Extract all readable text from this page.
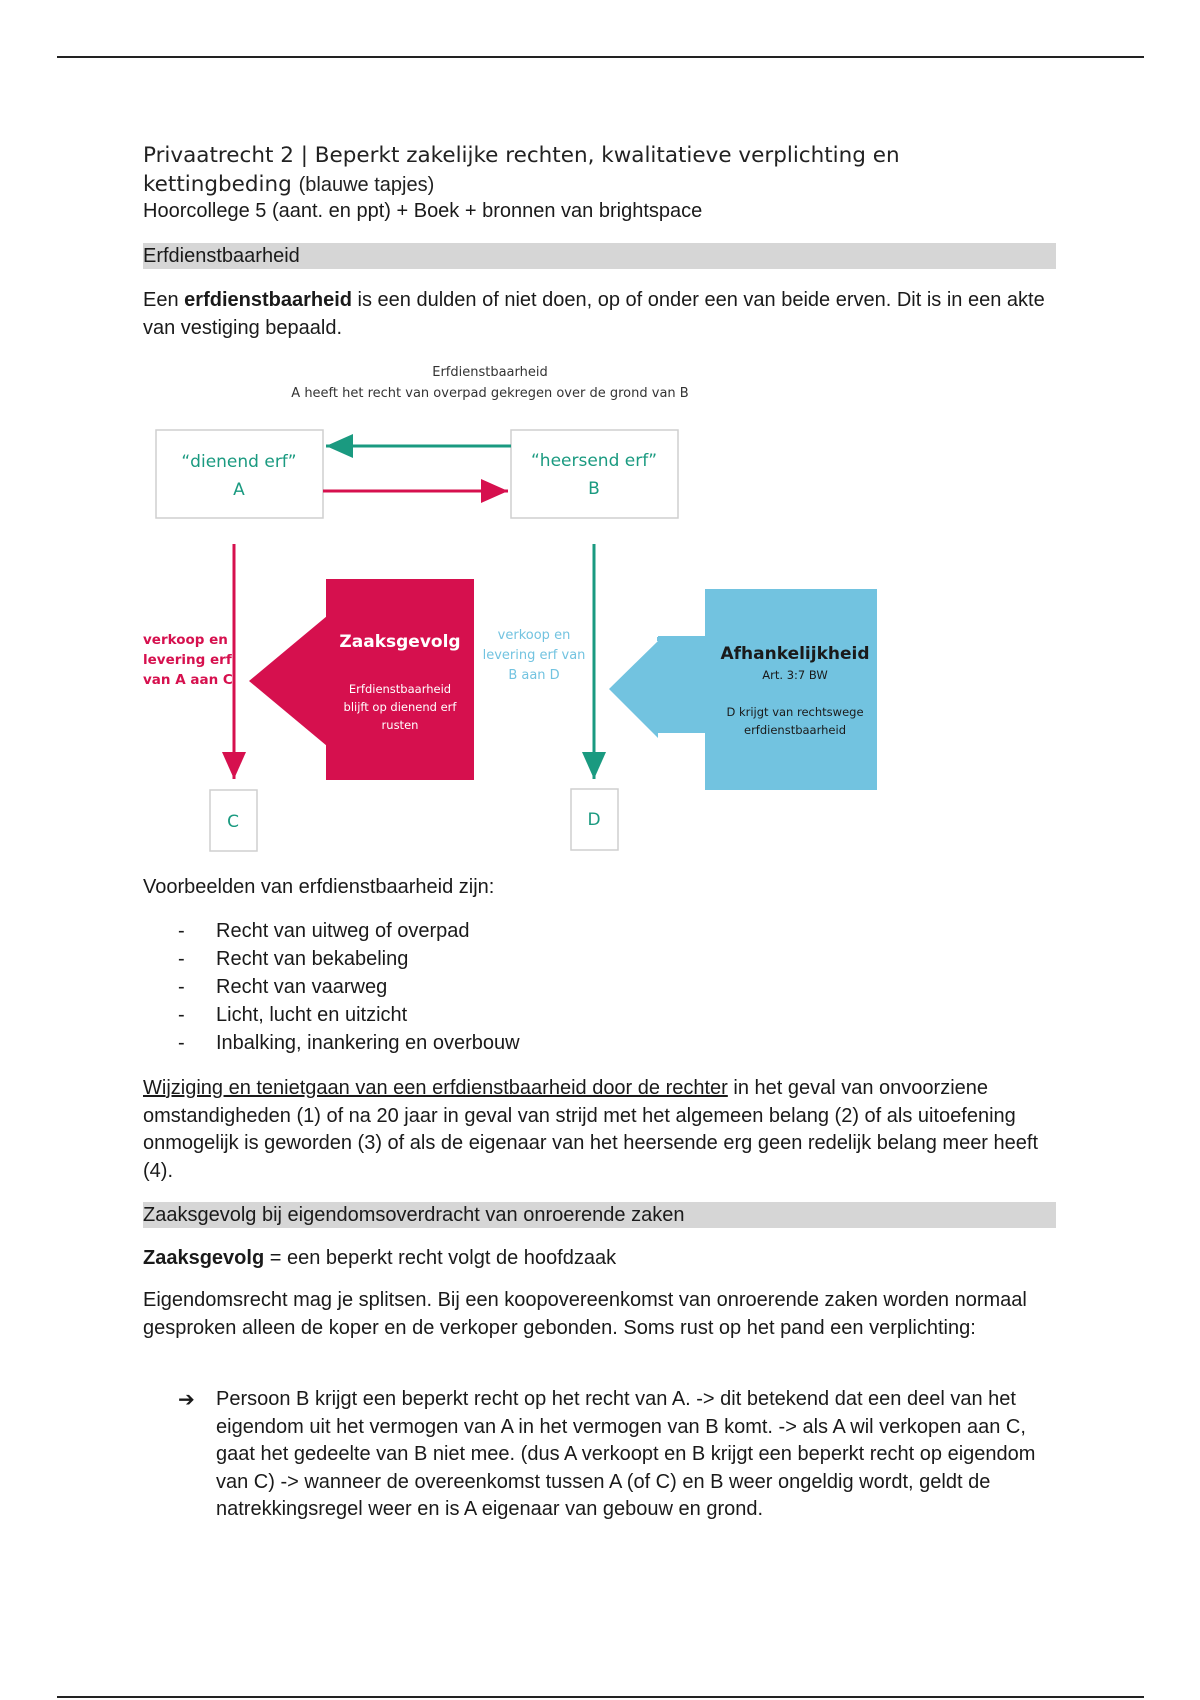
Privaatrecht 2 | Beperkt zakelijke rechten, kwalitatieve verplichting en
kettingbeding (blauwe tapjes)
Hoorcollege 5 (aant. en ppt) + Boek + bronnen van brightspace
Erfdienstbaarheid
Een erfdienstbaarheid is een dulden of niet doen, op of onder een van beide erven. Dit is in een akte van vestiging bepaald.
Erfdienstbaarheid
A heeft het recht van overpad gekregen over de grond van B
“dienend erf”
A
“heersend erf”
B
verkoop en
levering erf
van A aan C
Zaaksgevolg
Erfdienstbaarheid
blijft op dienend erf
rusten
verkoop en
levering erf van
B aan D
Afhankelijkheid
Art. 3:7 BW
D krijgt van rechtswege
erfdienstbaarheid
C	D
Voorbeelden van erfdienstbaarheid zijn:
- Recht van uitweg of overpad
- Recht van bekabeling
- Recht van vaarweg
- Licht, lucht en uitzicht
- Inbalking, inankering en overbouw
Wijziging en tenietgaan van een erfdienstbaarheid door de rechter in het geval van onvoorziene omstandigheden (1) of na 20 jaar in geval van strijd met het algemeen belang (2) of als uitoefening onmogelijk is geworden (3) of als de eigenaar van het heersende erg geen redelijk belang meer heeft (4).
Zaaksgevolg bij eigendomsoverdracht van onroerende zaken
Zaaksgevolg = een beperkt recht volgt de hoofdzaak
Eigendomsrecht mag je splitsen. Bij een koopovereenkomst van onroerende zaken worden normaal gesproken alleen de koper en de verkoper gebonden. Soms rust op het pand een verplichting:
➔ Persoon B krijgt een beperkt recht op het recht van A. -> dit betekend dat een deel van het eigendom uit het vermogen van A in het vermogen van B komt. -> als A wil verkopen aan C, gaat het gedeelte van B niet mee. (dus A verkoopt en B krijgt een beperkt recht op eigendom van C) -> wanneer de overeenkomst tussen A (of C) en B weer ongeldig wordt, geldt de natrekkingsregel weer en is A eigenaar van gebouw en grond.
